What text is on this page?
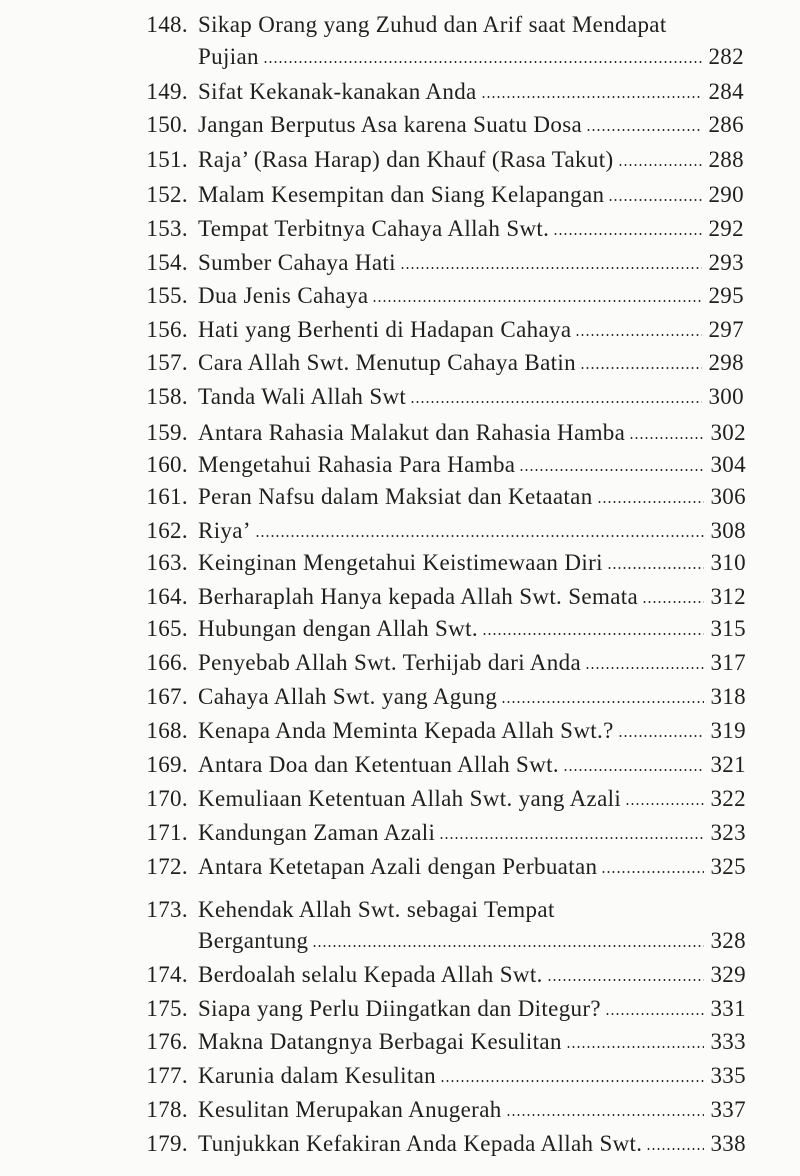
148. Sikap Orang yang Zuhud dan Arif saat Mendapat
Pujian	282
149. Sifat Kekanak-kanakan Anda	284
150. Jangan Berputus Asa karena Suatu Dosa	286
151. Raja’ (Rasa Harap) dan Khauf (Rasa Takut)	288
152. Malam Kesempitan dan Siang Kelapangan	290
153. Tempat Terbitnya Cahaya Allah Swt.	292
154. Sumber Cahaya Hati	293
155. Dua Jenis Cahaya	295
156. Hati yang Berhenti di Hadapan Cahaya	297
157. Cara Allah Swt. Menutup Cahaya Batin	298
158. Tanda Wali Allah Swt	300
159. Antara Rahasia Malakut dan Rahasia Hamba	302
160. Mengetahui Rahasia Para Hamba	304
161. Peran Nafsu dalam Maksiat dan Ketaatan	306
162. Riya’	308
163. Keinginan Mengetahui Keistimewaan Diri	310
164. Berharaplah Hanya kepada Allah Swt. Semata	312
165. Hubungan dengan Allah Swt.	315
166. Penyebab Allah Swt. Terhijab dari Anda	317
167. Cahaya Allah Swt. yang Agung	318
168. Kenapa Anda Meminta Kepada Allah Swt.?	319
169. Antara Doa dan Ketentuan Allah Swt.	321
170. Kemuliaan Ketentuan Allah Swt. yang Azali	322
171. Kandungan Zaman Azali	323
172. Antara Ketetapan Azali dengan Perbuatan	325
173. Kehendak Allah Swt. sebagai Tempat
Bergantung	328
174. Berdoalah selalu Kepada Allah Swt.	329
175. Siapa yang Perlu Diingatkan dan Ditegur?	331
176. Makna Datangnya Berbagai Kesulitan	333
177. Karunia dalam Kesulitan	335
178. Kesulitan Merupakan Anugerah	337
179. Tunjukkan Kefakiran Anda Kepada Allah Swt.	338
